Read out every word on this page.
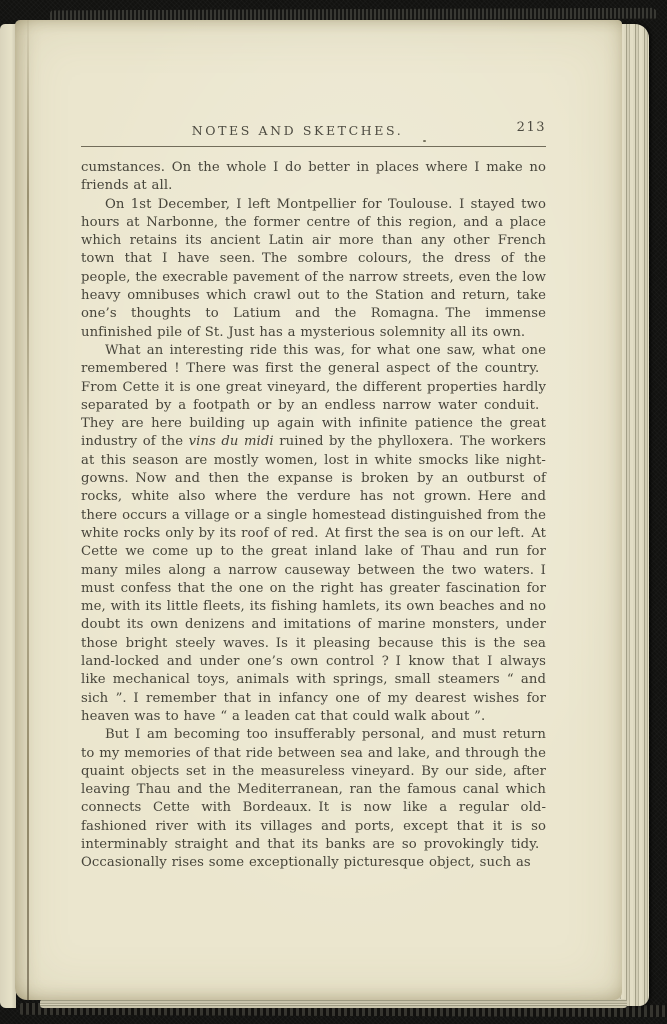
NOTES AND SKETCHES.	213

cumstances. On the whole I do better in places where I make no friends at all.

On 1st December, I left Montpellier for Toulouse. I stayed two hours at Narbonne, the former centre of this region, and a place which retains its ancient Latin air more than any other French town that I have seen. The sombre colours, the dress of the people, the execrable pavement of the narrow streets, even the low heavy omnibuses which crawl out to the Station and return, take one’s thoughts to Latium and the Romagna. The immense unfinished pile of St. Just has a mysterious solemnity all its own.

What an interesting ride this was, for what one saw, what one remembered ! There was first the general aspect of the country. From Cette it is one great vineyard, the different properties hardly separated by a footpath or by an endless narrow water conduit. They are here building up again with infinite patience the great industry of the vins du midi ruined by the phylloxera. The workers at this season are mostly women, lost in white smocks like night-gowns. Now and then the expanse is broken by an outburst of rocks, white also where the verdure has not grown. Here and there occurs a village or a single homestead distinguished from the white rocks only by its roof of red. At first the sea is on our left. At Cette we come up to the great inland lake of Thau and run for many miles along a narrow causeway between the two waters. I must confess that the one on the right has greater fascination for me, with its little fleets, its fishing hamlets, its own beaches and no doubt its own denizens and imitations of marine monsters, under those bright steely waves. Is it pleasing because this is the sea land-locked and under one’s own control ? I know that I always like mechanical toys, animals with springs, small steamers “ and sich ”. I remember that in infancy one of my dearest wishes for heaven was to have “ a leaden cat that could walk about ”.

But I am becoming too insufferably personal, and must return to my memories of that ride between sea and lake, and through the quaint objects set in the measureless vineyard. By our side, after leaving Thau and the Mediterranean, ran the famous canal which connects Cette with Bordeaux. It is now like a regular old-fashioned river with its villages and ports, except that it is so interminably straight and that its banks are so provokingly tidy. Occasionally rises some exceptionally picturesque object, such as
